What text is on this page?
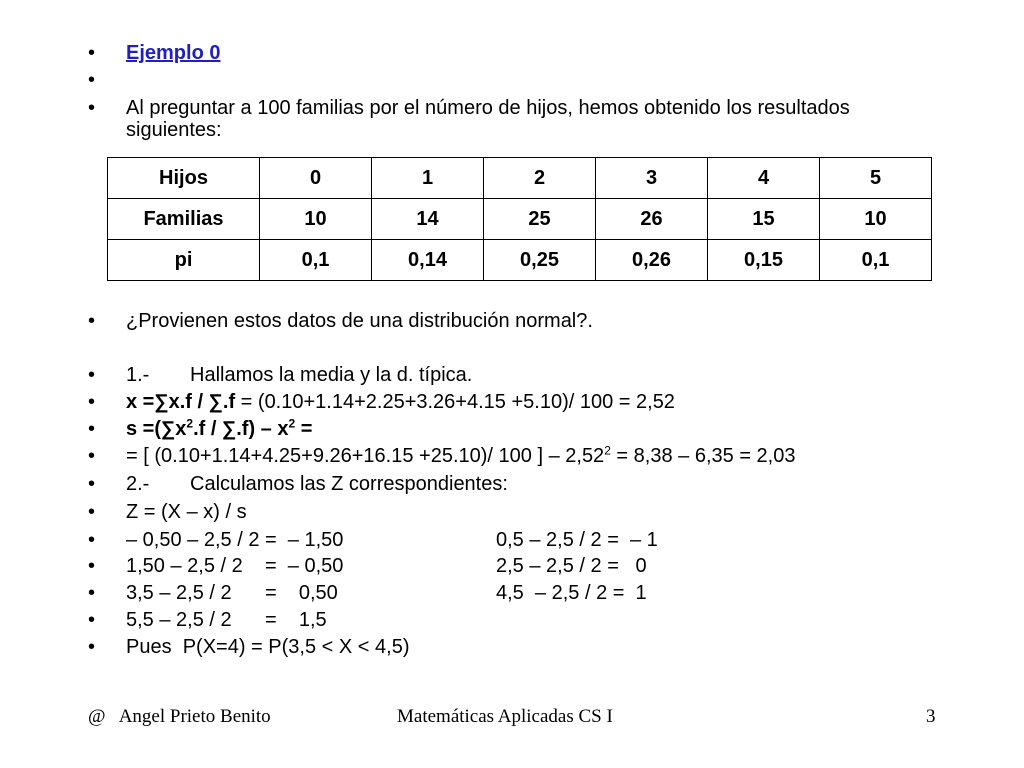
• Ejemplo 0
•
• Al preguntar a 100 familias por el número de hijos, hemos obtenido los resultados siguientes:
Hijos	0	1	2	3	4	5
Familias	10	14	25	26	15	10
pi	0,1	0,14	0,25	0,26	0,15	0,1
• ¿Provienen estos datos de una distribución normal?.
• 1.- Hallamos la media y la d. típica.
• x =∑x.f / ∑.f = (0.10+1.14+2.25+3.26+4.15 +5.10)/ 100 = 2,52
• $s =(\sum x^2.f / \sum.f) - x^2$ =
• = [ (0.10+1.14+4.25+9.26+16.15 +25.10)/ 100 ] – $2,52^2 = 8,38 - 6,35 = 2,03$
• 2.- Calculamos las Z correspondientes:
• Z = (X – x) / s
• – 0,50 – 2,5 / 2 =  – 1,50	0,5 – 2,5 / 2 =  – 1
• 1,50 – 2,5 / 2    =  – 0,50	2,5 – 2,5 / 2 =   0
• 3,5 – 2,5 / 2      =    0,50	4,5  – 2,5 / 2 =  1
• 5,5 – 2,5 / 2      =    1,5
• Pues  P(X=4) = P(3,5 < X < 4,5)
@   Angel Prieto Benito	Matemáticas Aplicadas CS I	3
